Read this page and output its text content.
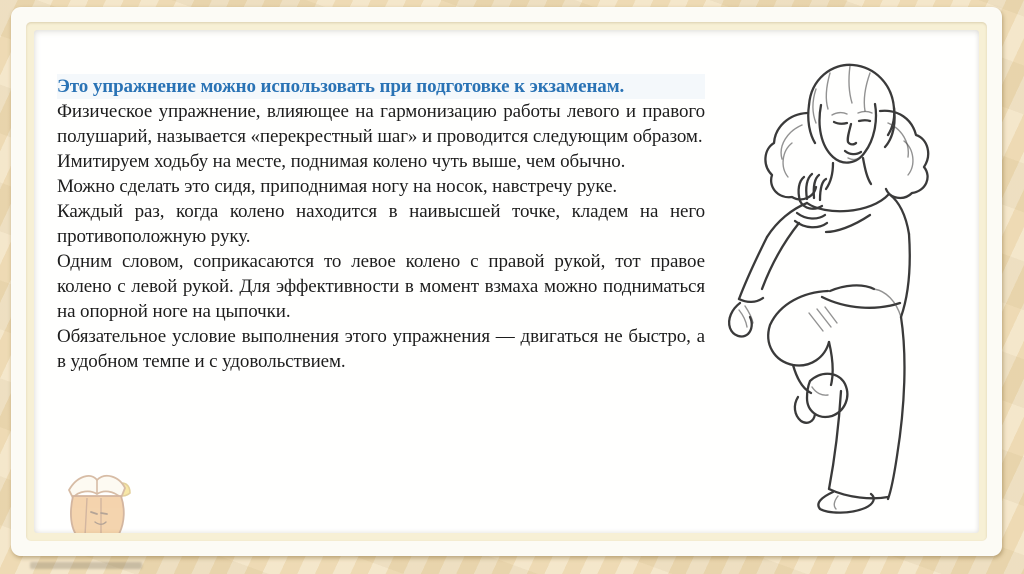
Это упражнение можно использовать при подготовке к экзаменам.

Физическое упражнение, влияющее на гармонизацию работы левого и правого полушарий, называется «перекрестный шаг» и проводится следующим образом.

Имитируем ходьбу на месте, поднимая колено чуть выше, чем обычно.

Можно сделать это сидя, приподнимая ногу на носок, навстречу руке.

Каждый раз, когда колено находится в наивысшей точке, кладем на него противоположную руку.

Одним словом, соприкасаются то левое колено с правой рукой, тот правое колено с левой рукой. Для эффективности в момент взмаха можно подниматься на опорной ноге на цыпочки.

Обязательное условие выполнения этого упражнения — двигаться не быстро, а в удобном темпе и с удовольствием.
